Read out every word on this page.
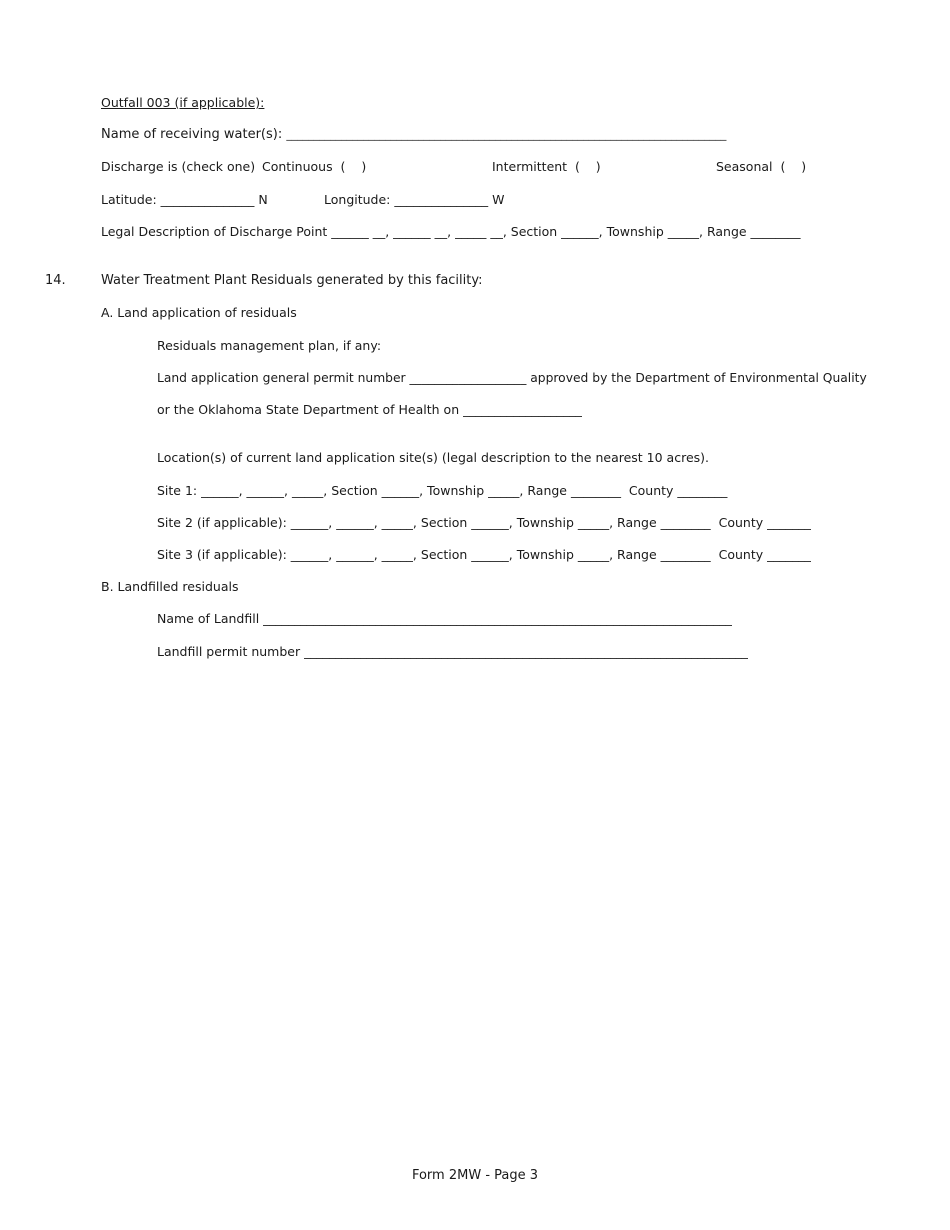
Outfall 003 (if applicable):
Name of receiving water(s): ________________________________________________________________________________
Discharge is (check one) Continuous  (    )	Intermittent  (    )	Seasonal  (    )
Latitude: _______________ N	Longitude: _______________ W
Legal Description of Discharge Point ______ __, ______ __, _____ __, Section ______, Township _____, Range ________
14.	Water Treatment Plant Residuals generated by this facility:
A. Land application of residuals
Residuals management plan, if any:
Land application general permit number ___________________ approved by the Department of Environmental Quality
or the Oklahoma State Department of Health on ___________________
Location(s) of current land application site(s) (legal description to the nearest 10 acres).
Site 1: ______, ______, _____, Section ______, Township _____, Range ________  County ________
Site 2 (if applicable): ______, ______, _____, Section ______, Township _____, Range ________  County _______
Site 3 (if applicable): ______, ______, _____, Section ______, Township _____, Range ________  County _______
B. Landfilled residuals
Name of Landfill ___________________________________________________________________________
Landfill permit number _______________________________________________________________________
Form 2MW - Page 3
